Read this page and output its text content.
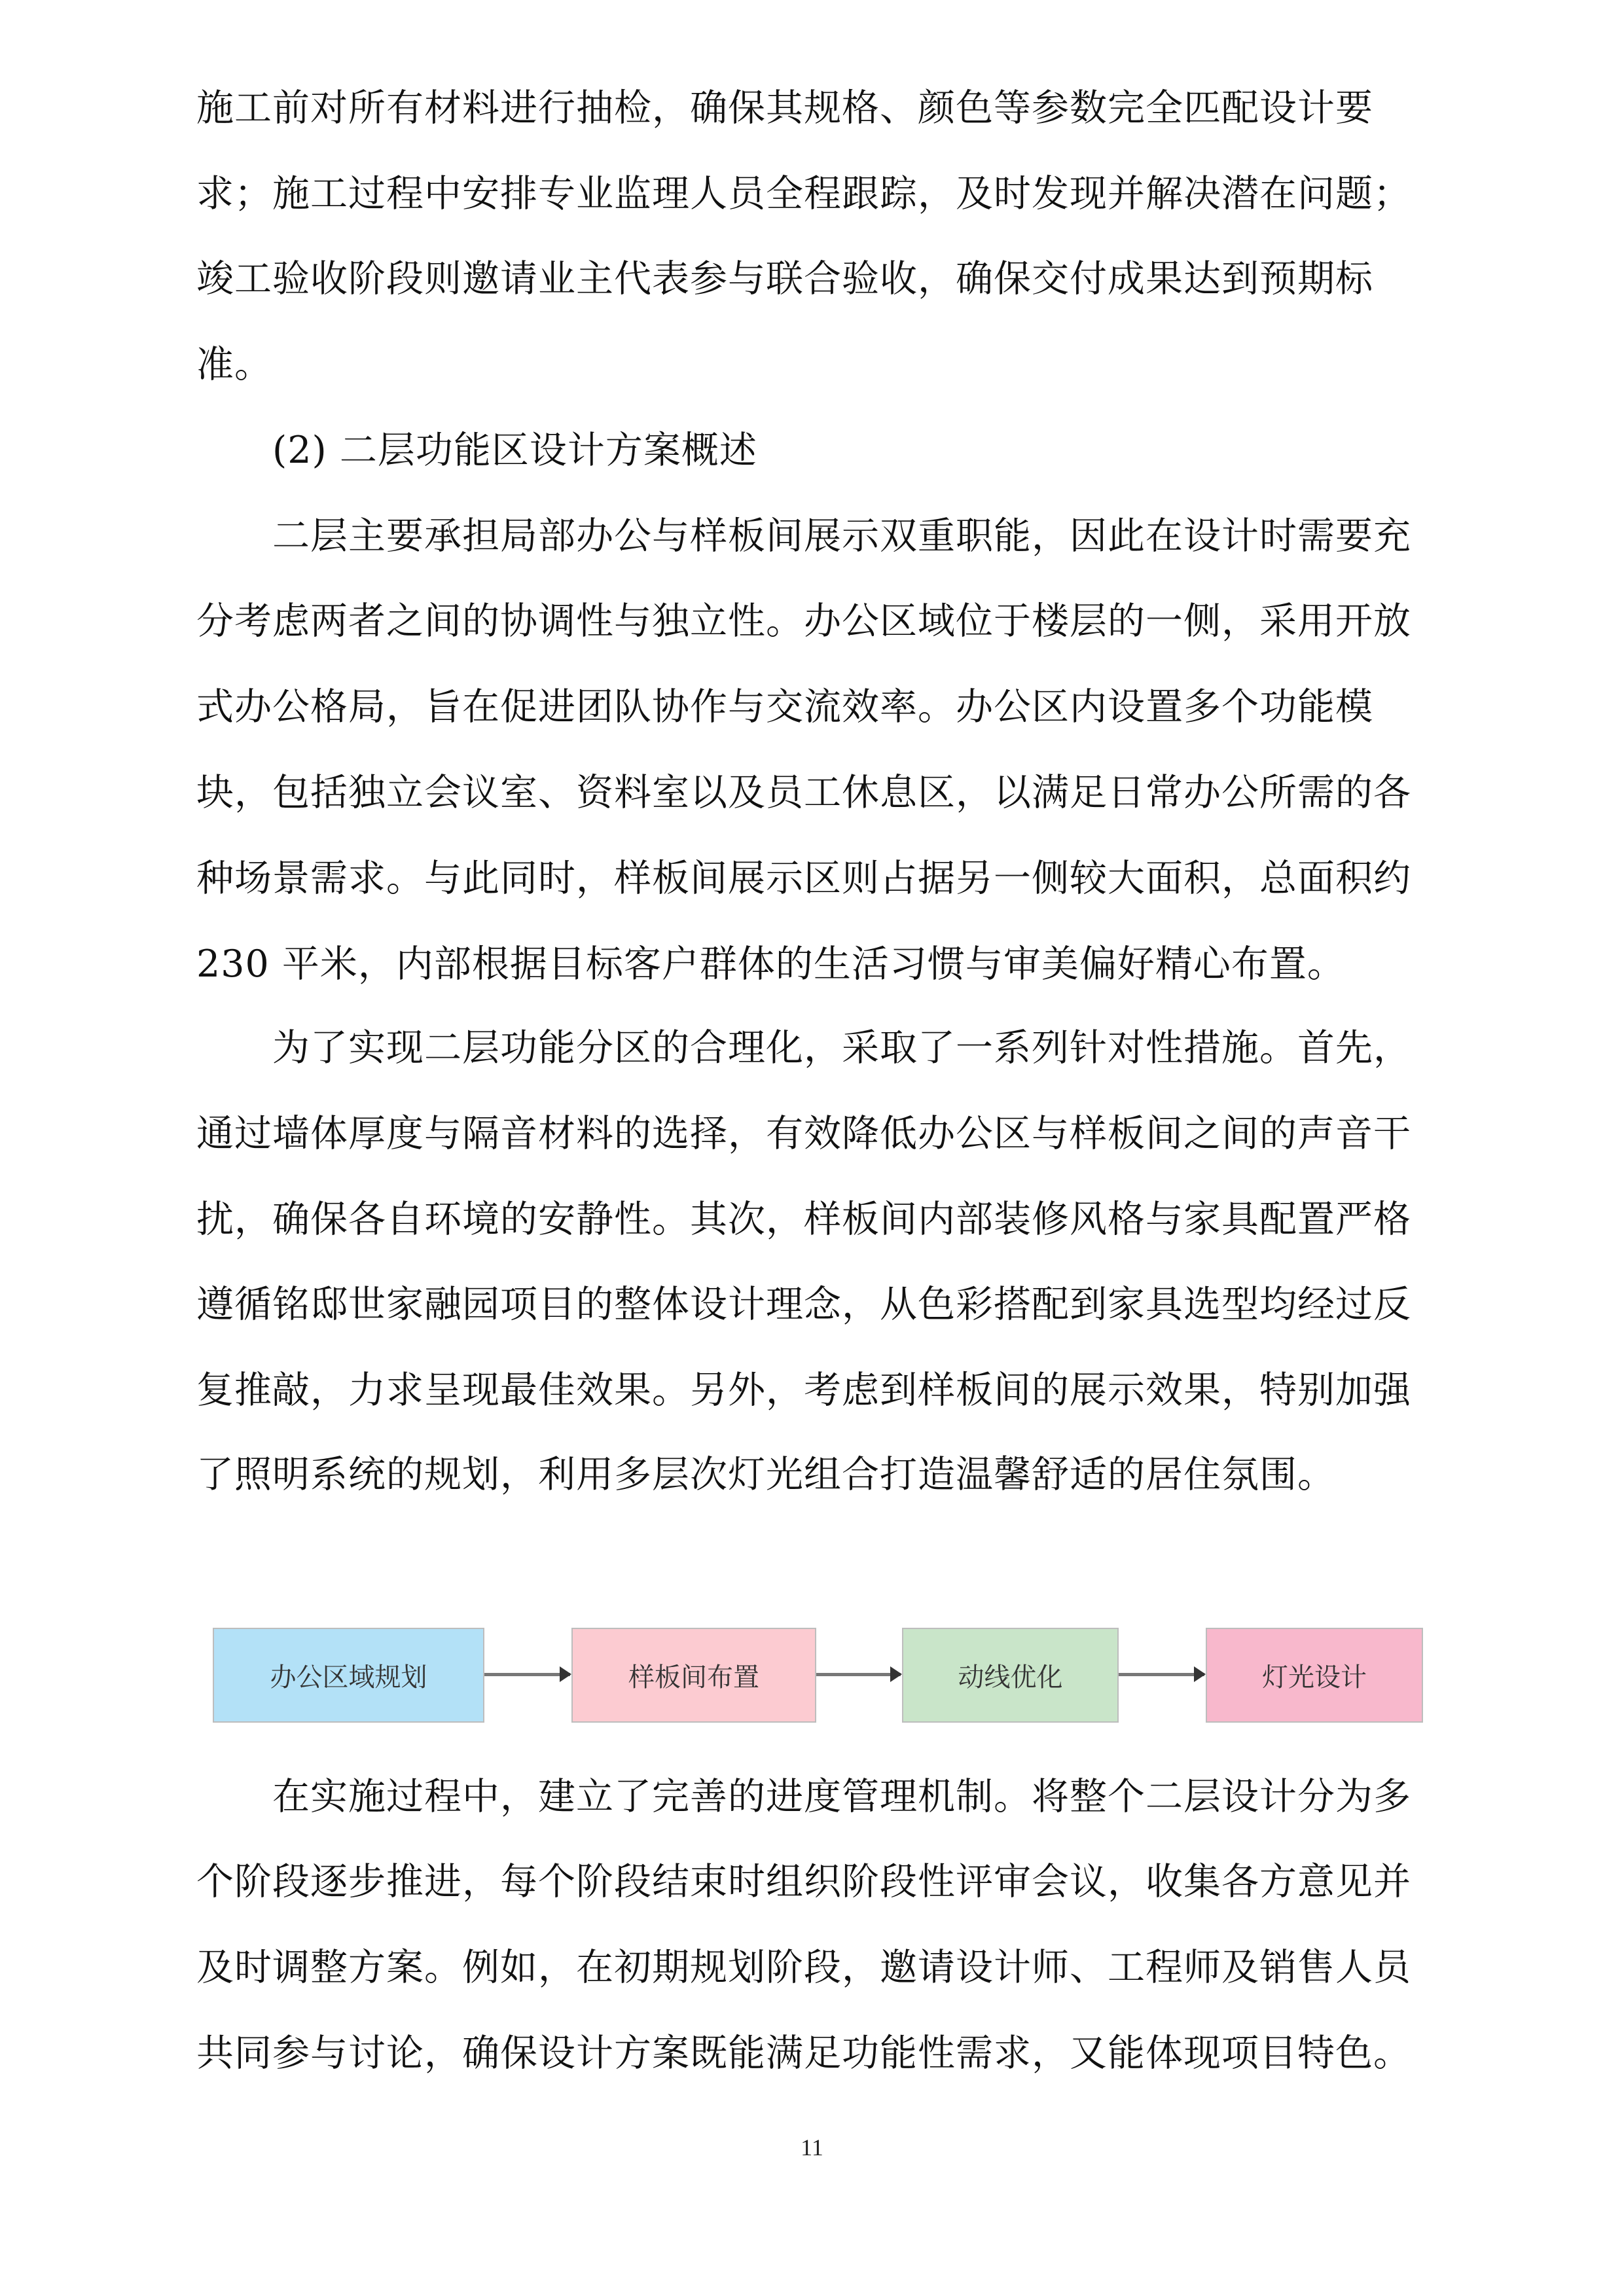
施工前对所有材料进行抽检，确保其规格、颜色等参数完全匹配设计要
求；施工过程中安排专业监理人员全程跟踪，及时发现并解决潜在问题；
竣工验收阶段则邀请业主代表参与联合验收，确保交付成果达到预期标
准。
(2) 二层功能区设计方案概述
二层主要承担局部办公与样板间展示双重职能，因此在设计时需要充
分考虑两者之间的协调性与独立性。办公区域位于楼层的一侧，采用开放
式办公格局，旨在促进团队协作与交流效率。办公区内设置多个功能模
块，包括独立会议室、资料室以及员工休息区，以满足日常办公所需的各
种场景需求。与此同时，样板间展示区则占据另一侧较大面积，总面积约
230 平米，内部根据目标客户群体的生活习惯与审美偏好精心布置。
为了实现二层功能分区的合理化，采取了一系列针对性措施。首先，
通过墙体厚度与隔音材料的选择，有效降低办公区与样板间之间的声音干
扰，确保各自环境的安静性。其次，样板间内部装修风格与家具配置严格
遵循铭邸世家融园项目的整体设计理念，从色彩搭配到家具选型均经过反
复推敲，力求呈现最佳效果。另外，考虑到样板间的展示效果，特别加强
了照明系统的规划，利用多层次灯光组合打造温馨舒适的居住氛围。
在实施过程中，建立了完善的进度管理机制。将整个二层设计分为多
个阶段逐步推进，每个阶段结束时组织阶段性评审会议，收集各方意见并
及时调整方案。例如，在初期规划阶段，邀请设计师、工程师及销售人员
共同参与讨论，确保设计方案既能满足功能性需求，又能体现项目特色。
办公区域规划	样板间布置	动线优化	灯光设计
11
